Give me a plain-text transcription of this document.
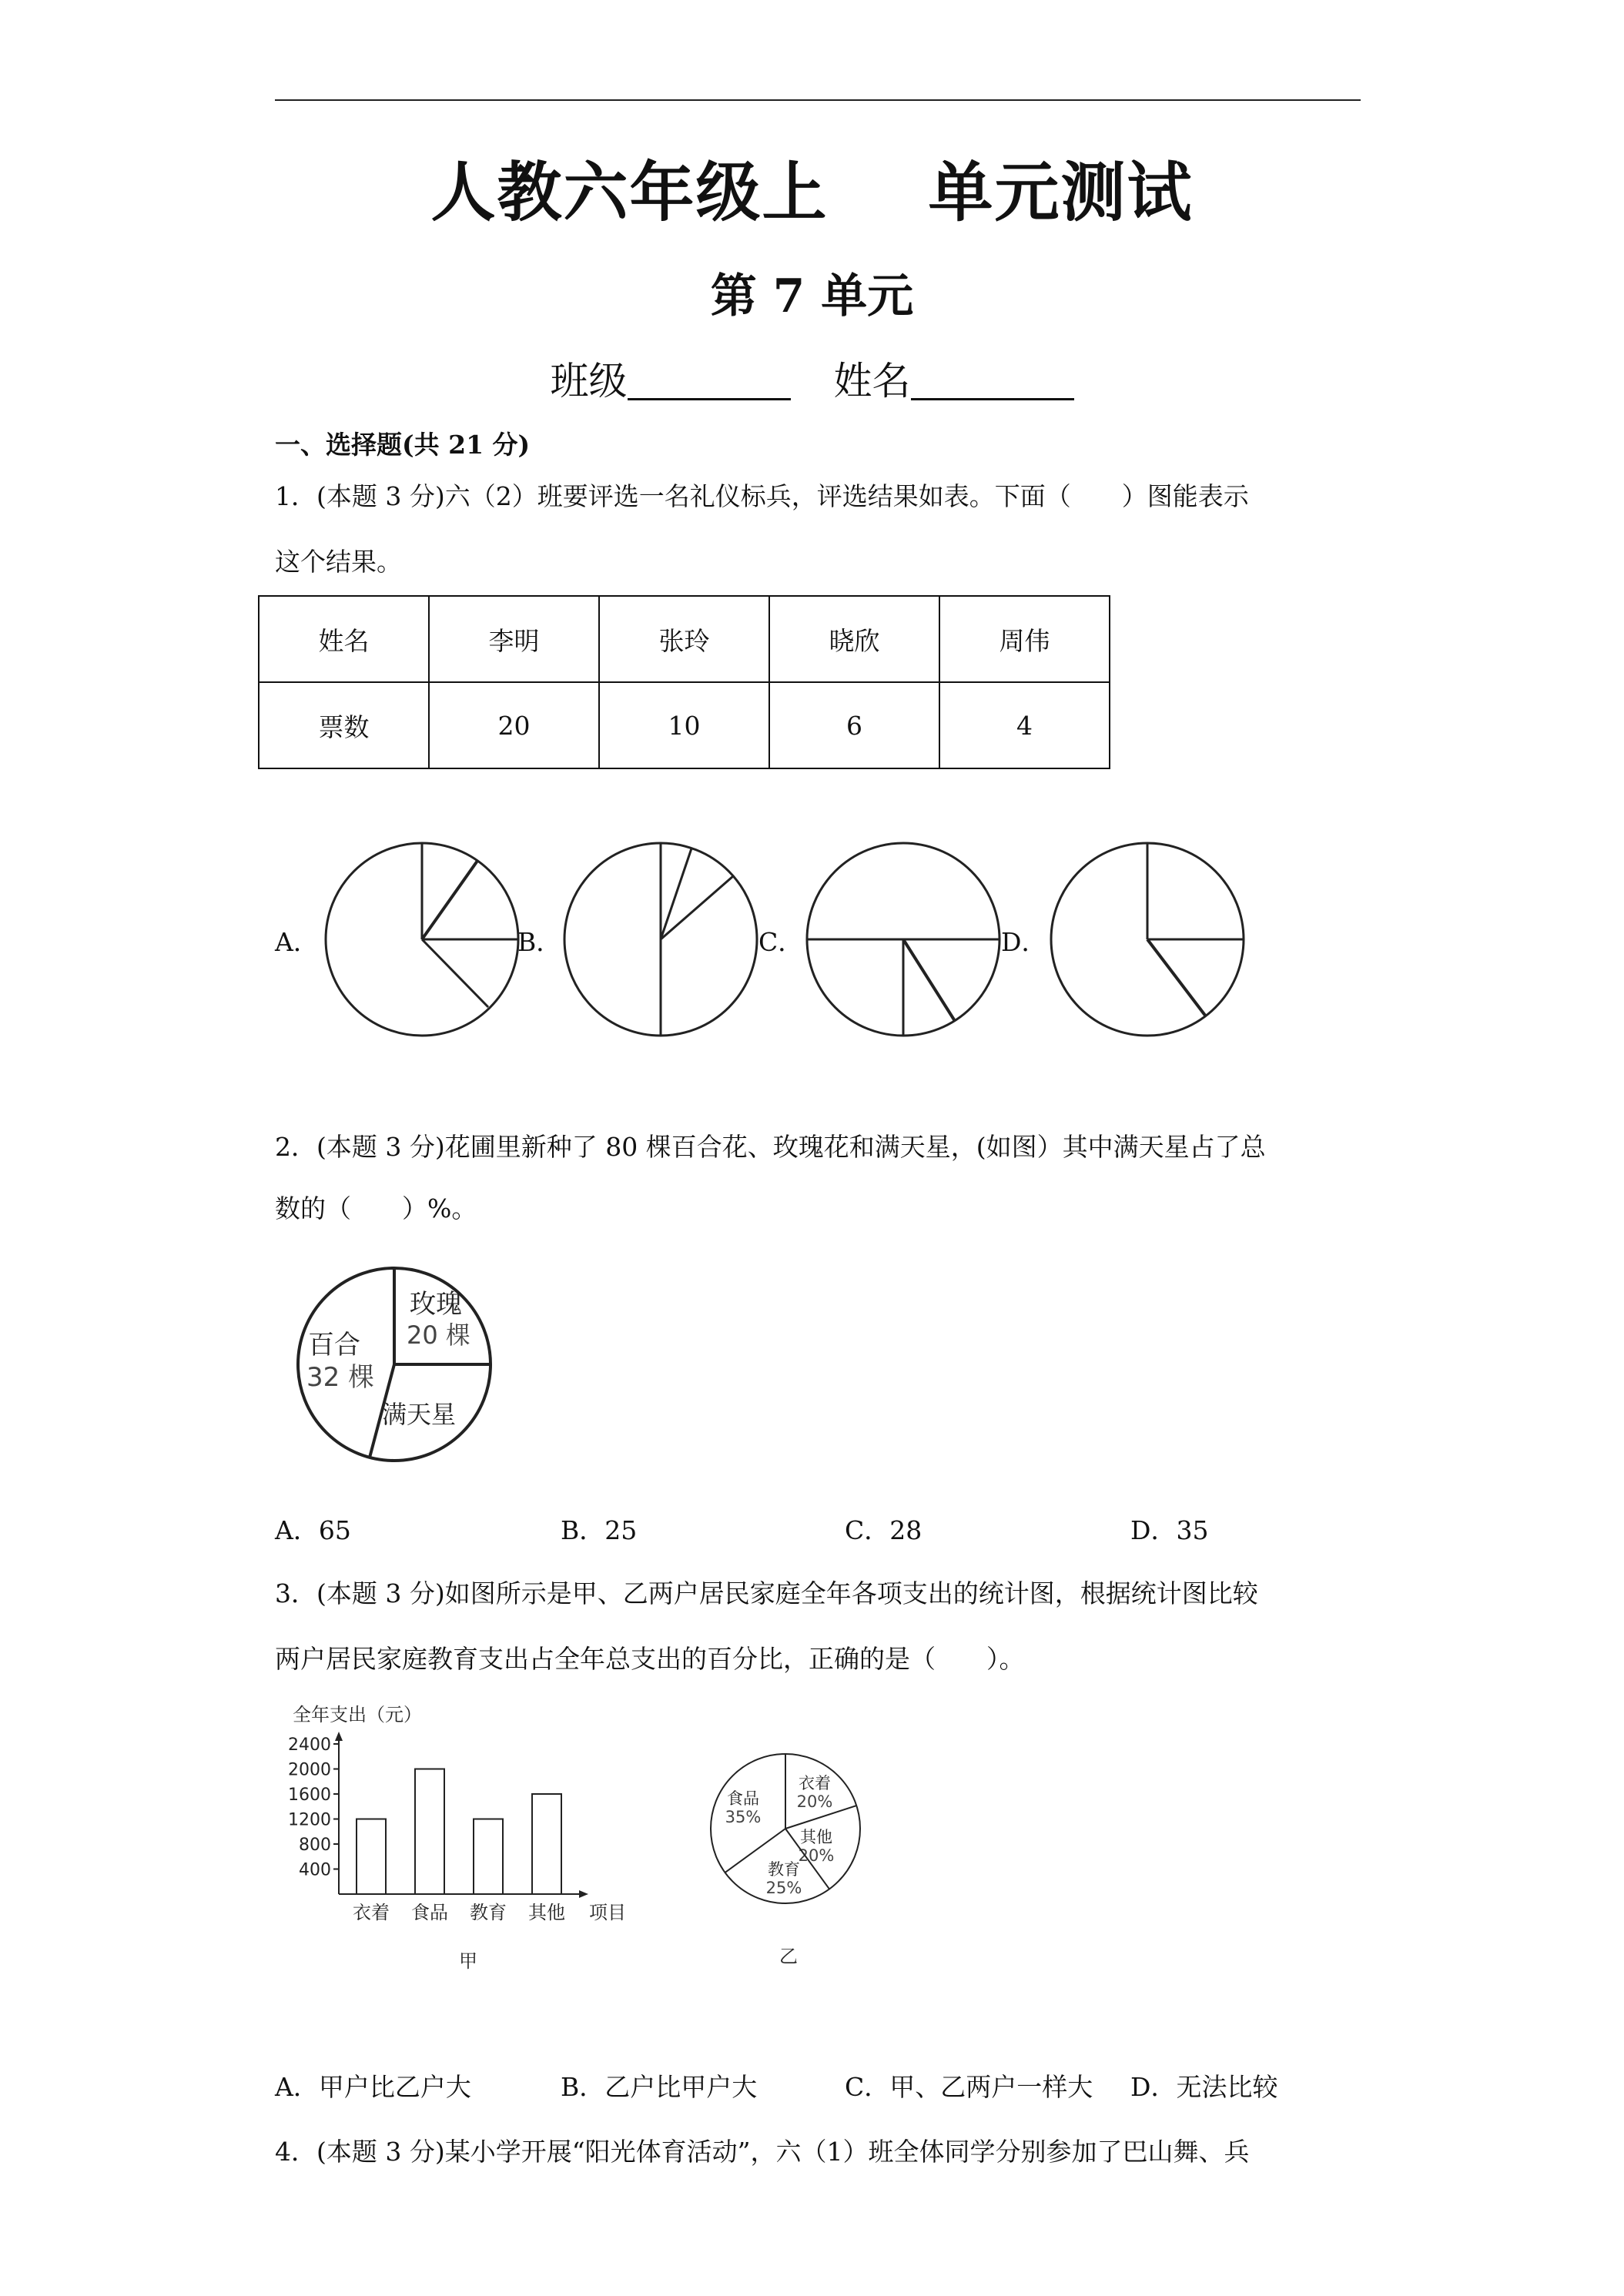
人教六年级上 单元测试
第 7 单元
班级	姓名
一、选择题(共 21 分)
1．(本题 3 分)六（2）班要评选一名礼仪标兵，评选结果如表。下面（　　）图能表示
这个结果。
姓名	李明	张玲	晓欣	周伟
票数	20	10	6	4
A．	B．	C．	D．
2．(本题 3 分)花圃里新种了 80 棵百合花、玫瑰花和满天星，(如图）其中满天星占了总
数的（　　）%。
百合
32 棵
玫瑰
20 棵
满天星
A．65	B．25	C．28	D．35
3．(本题 3 分)如图所示是甲、乙两户居民家庭全年各项支出的统计图，根据统计图比较
两户居民家庭教育支出占全年总支出的百分比，正确的是（　　）。
全年支出（元）
项目
甲
400
800
1200
1600
2000
2400
衣着 食品 教育 其他
乙
衣着
20%
其他
20%
教育
25%
食品
35%
A．甲户比乙户大	B．乙户比甲户大	C．甲、乙两户一样大 D．无法比较
4．(本题 3 分)某小学开展“阳光体育活动”，六（1）班全体同学分别参加了巴山舞、兵
